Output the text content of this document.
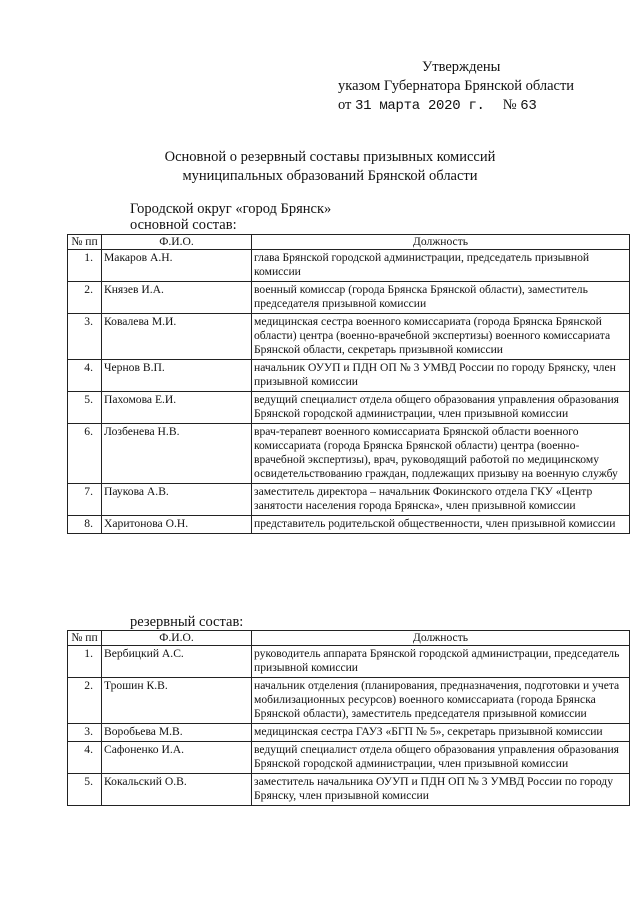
Утверждены
указом Губернатора Брянской области
от 31 марта 2020 г. № 63
Основной о резервный составы призывных комиссий
муниципальных образований Брянской области
Городской округ «город Брянск»
основной состав:
№ пп	Ф.И.О.	Должность
1.	Макаров А.Н.	глава Брянской городской администрации, председатель призывной комиссии
2.	Князев И.А.	военный комиссар (города Брянска Брянской области), заместитель председателя призывной комиссии
3.	Ковалева М.И.	медицинская сестра военного комиссариата (города Брянска Брянской области) центра (военно-врачебной экспертизы) военного комиссариата Брянской области, секретарь призывной комиссии
4.	Чернов В.П.	начальник ОУУП и ПДН ОП № 3 УМВД России по городу Брянску, член призывной комиссии
5.	Пахомова Е.И.	ведущий специалист отдела общего образования управления образования Брянской городской администрации, член призывной комиссии
6.	Лозбенева Н.В.	врач-терапевт военного комиссариата Брянской области военного комиссариата (города Брянска Брянской области) центра (военно-врачебной экспертизы), врач, руководящий работой по медицинскому освидетельствованию граждан, подлежащих призыву на военную службу
7.	Паукова А.В.	заместитель директора – начальник Фокинского отдела ГКУ «Центр занятости населения города Брянска», член призывной комиссии
8.	Харитонова О.Н.	представитель родительской общественности, член призывной комиссии
резервный состав:
№ пп	Ф.И.О.	Должность
1.	Вербицкий А.С.	руководитель аппарата Брянской городской администрации, председатель призывной комиссии
2.	Трошин К.В.	начальник отделения (планирования, предназначения, подготовки и учета мобилизационных ресурсов) военного комиссариата (города Брянска Брянской области), заместитель председателя призывной комиссии
3.	Воробьева М.В.	медицинская сестра ГАУЗ «БГП № 5», секретарь призывной комиссии
4.	Сафоненко И.А.	ведущий специалист отдела общего образования управления образования Брянской городской администрации, член призывной комиссии
5.	Кокальский О.В.	заместитель начальника ОУУП и ПДН ОП № 3 УМВД России по городу Брянску, член призывной комиссии
